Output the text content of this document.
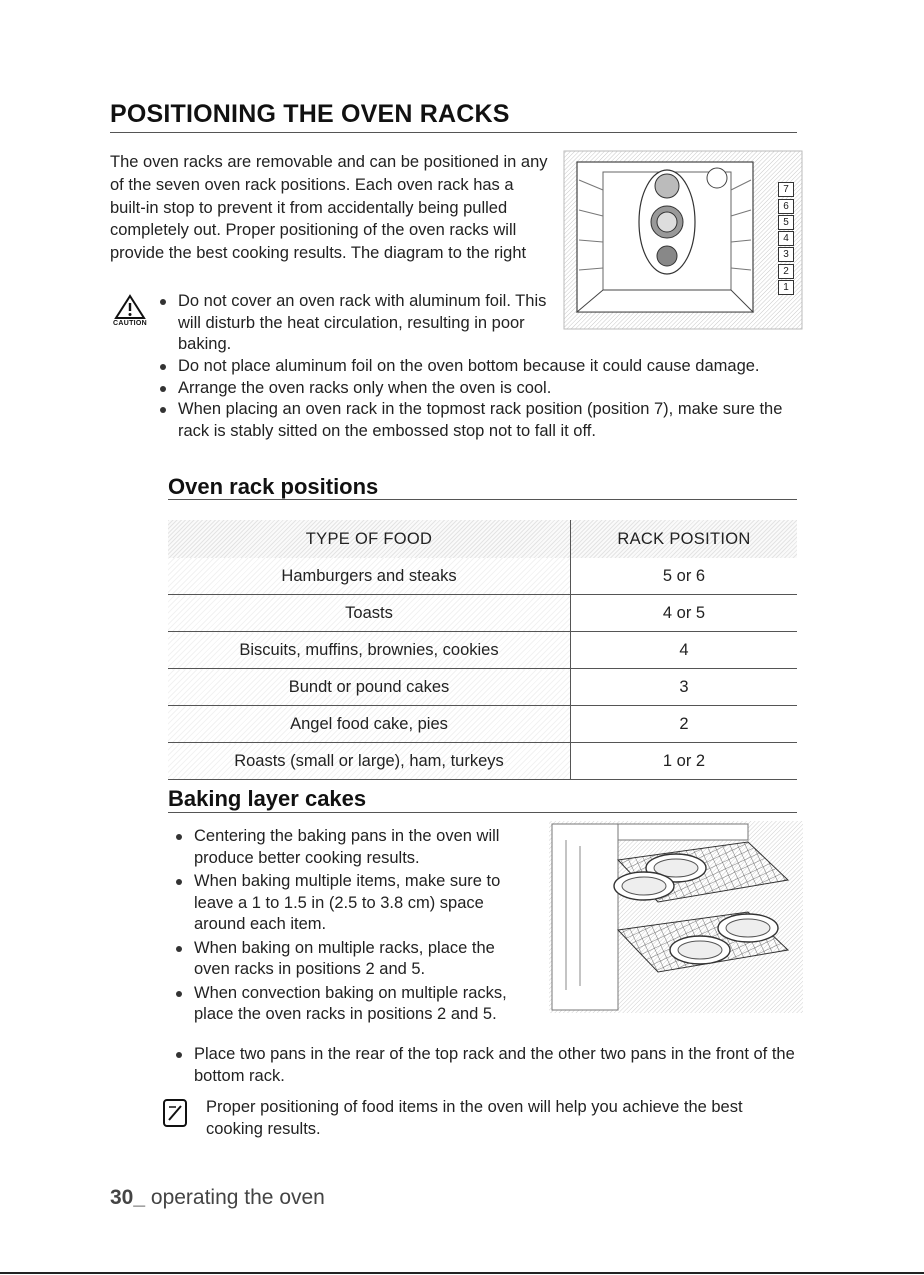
POSITIONING THE OVEN RACKS

The oven racks are removable and can be positioned in any of the seven oven rack positions. Each oven rack has a built-in stop to prevent it from accidentally being pulled completely out. Proper positioning of the oven racks will provide the best cooking results. The diagram to the right

7
6
5
4
3
2
1
CAUTION
Do not cover an oven rack with aluminum foil. This will disturb the heat circulation, resulting in poor baking.
Do not place aluminum foil on the oven bottom because it could cause damage.
Arrange the oven racks only when the oven is cool.
When placing an oven rack in the topmost rack position (position 7), make sure the rack is stably sitted on the embossed stop not to fall it off.
Oven rack positions
TYPE OF FOOD	RACK POSITION
Hamburgers and steaks	5 or 6
Toasts	4 or 5
Biscuits, muffins, brownies, cookies	4
Bundt or pound cakes	3
Angel food cake, pies	2
Roasts (small or large), ham, turkeys	1 or 2
Baking layer cakes
Centering the baking pans in the oven will produce better cooking results.
When baking multiple items, make sure to leave a 1 to 1.5 in (2.5 to 3.8 cm) space around each item.
When baking on multiple racks, place the oven racks in positions 2 and 5.
When convection baking on multiple racks, place the oven racks in positions 2 and 5.
Place two pans in the rear of the top rack and the other two pans in the front of the bottom rack.
Proper positioning of food items in the oven will help you achieve the best cooking results.
30_ operating the oven
